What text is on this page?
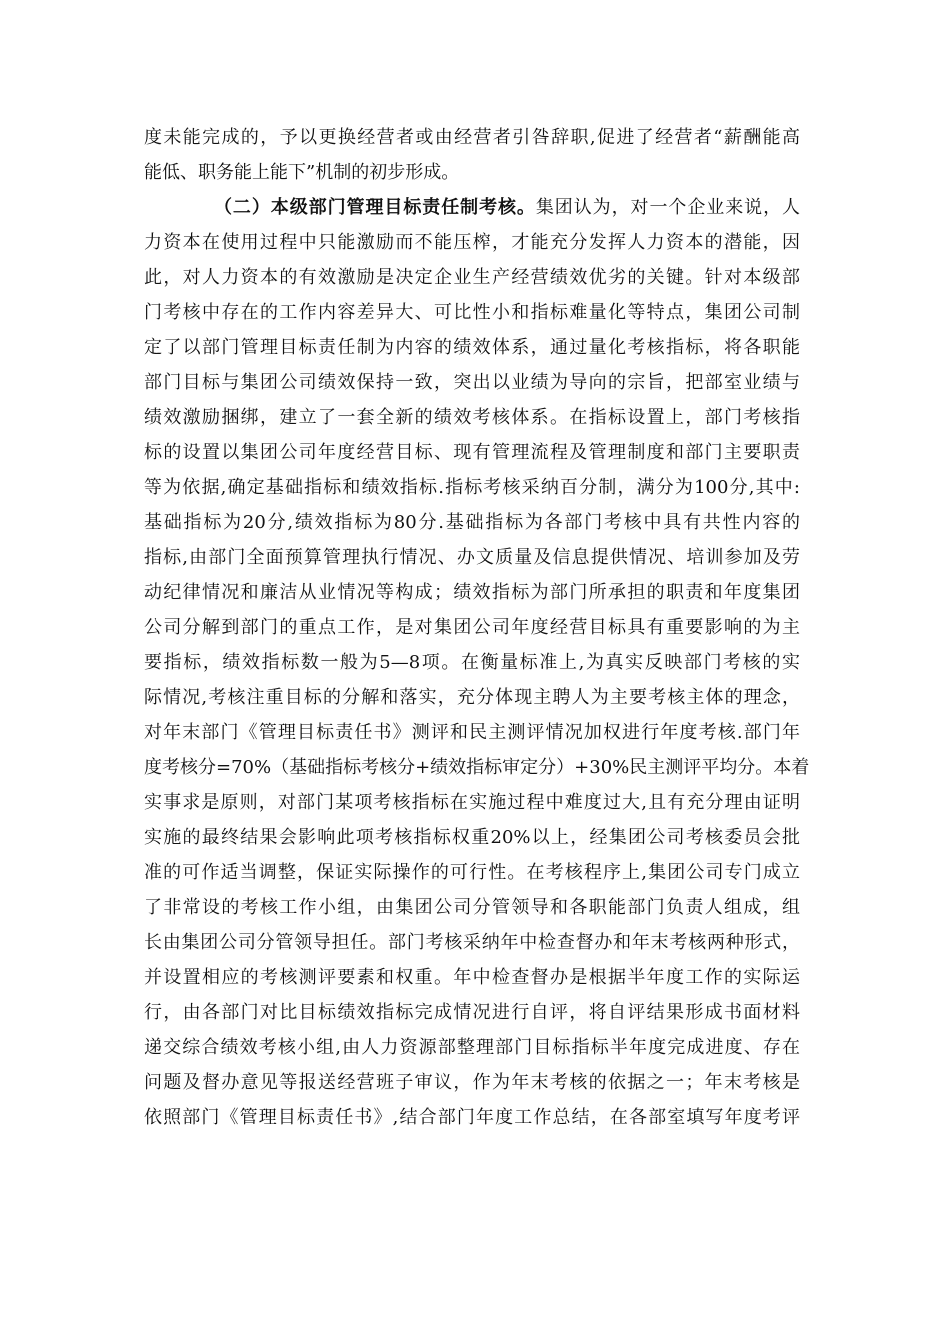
度未能完成的，予以更换经营者或由经营者引咎辞职,促进了经营者“薪酬能高
能低、职务能上能下”机制的初步形成。
（二）本级部门管理目标责任制考核。集团认为，对一个企业来说，人
力资本在使用过程中只能激励而不能压榨，才能充分发挥人力资本的潜能，因
此，对人力资本的有效激励是决定企业生产经营绩效优劣的关键。针对本级部
门考核中存在的工作内容差异大、可比性小和指标难量化等特点，集团公司制
定了以部门管理目标责任制为内容的绩效体系，通过量化考核指标，将各职能
部门目标与集团公司绩效保持一致，突出以业绩为导向的宗旨，把部室业绩与
绩效激励捆绑，建立了一套全新的绩效考核体系。在指标设置上，部门考核指
标的设置以集团公司年度经营目标、现有管理流程及管理制度和部门主要职责
等为依据,确定基础指标和绩效指标.指标考核采纳百分制，满分为100分,其中:
基础指标为20分,绩效指标为80分.基础指标为各部门考核中具有共性内容的
指标,由部门全面预算管理执行情况、办文质量及信息提供情况、培训参加及劳
动纪律情况和廉洁从业情况等构成；绩效指标为部门所承担的职责和年度集团
公司分解到部门的重点工作，是对集团公司年度经营目标具有重要影响的为主
要指标，绩效指标数一般为5—8项。在衡量标准上,为真实反映部门考核的实
际情况,考核注重目标的分解和落实，充分体现主聘人为主要考核主体的理念，
对年末部门《管理目标责任书》测评和民主测评情况加权进行年度考核.部门年
度考核分=70%（基础指标考核分+绩效指标审定分）+30%民主测评平均分。本着
实事求是原则，对部门某项考核指标在实施过程中难度过大,且有充分理由证明
实施的最终结果会影响此项考核指标权重20%以上，经集团公司考核委员会批
准的可作适当调整，保证实际操作的可行性。在考核程序上,集团公司专门成立
了非常设的考核工作小组，由集团公司分管领导和各职能部门负责人组成，组
长由集团公司分管领导担任。部门考核采纳年中检查督办和年末考核两种形式，
并设置相应的考核测评要素和权重。年中检查督办是根据半年度工作的实际运
行，由各部门对比目标绩效指标完成情况进行自评，将自评结果形成书面材料
递交综合绩效考核小组,由人力资源部整理部门目标指标半年度完成进度、存在
问题及督办意见等报送经营班子审议，作为年末考核的依据之一；年末考核是
依照部门《管理目标责任书》,结合部门年度工作总结，在各部室填写年度考评
